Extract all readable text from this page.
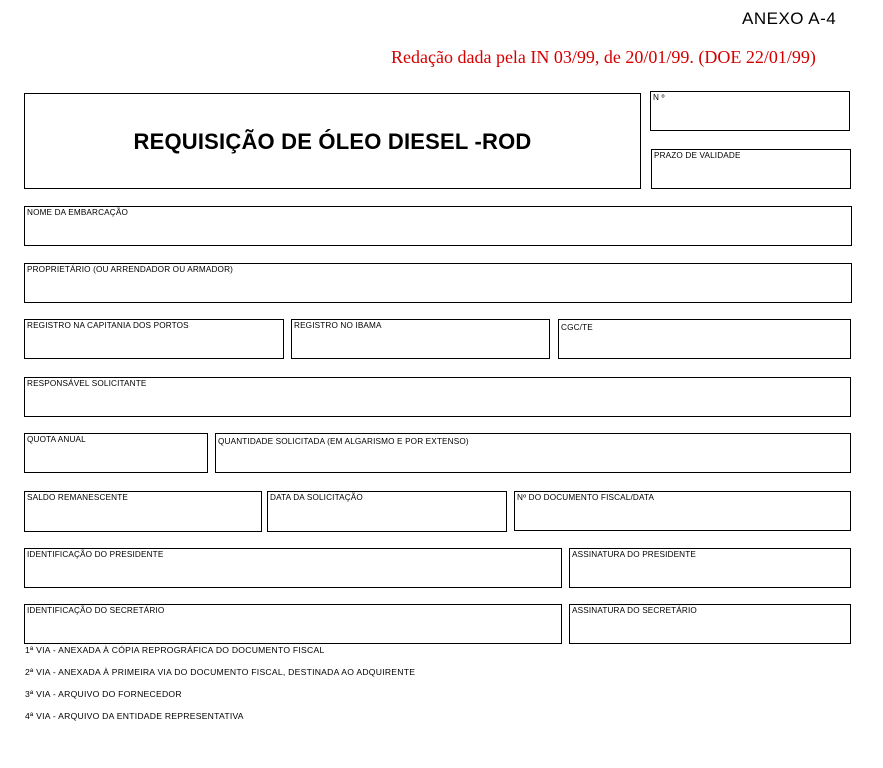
ANEXO A-4
Redação dada pela IN 03/99, de 20/01/99. (DOE 22/01/99)
REQUISIÇÃO DE ÓLEO DIESEL -ROD
N º
PRAZO DE VALIDADE
NOME DA EMBARCAÇÃO
PROPRIETÁRIO (OU ARRENDADOR OU ARMADOR)
REGISTRO NA CAPITANIA DOS PORTOS	REGISTRO NO IBAMA	CGC/TE
RESPONSÁVEL SOLICITANTE
QUOTA ANUAL	QUANTIDADE SOLICITADA (EM ALGARISMO E POR EXTENSO)
SALDO REMANESCENTE	DATA DA SOLICITAÇÃO	Nº DO DOCUMENTO FISCAL/DATA
IDENTIFICAÇÃO DO PRESIDENTE	ASSINATURA DO PRESIDENTE
IDENTIFICAÇÃO DO SECRETÁRIO	ASSINATURA DO SECRETÁRIO
1ª VIA - ANEXADA À CÓPIA REPROGRÁFICA DO DOCUMENTO FISCAL
2ª VIA - ANEXADA À PRIMEIRA VIA DO DOCUMENTO FISCAL, DESTINADA AO ADQUIRENTE
3ª VIA - ARQUIVO DO FORNECEDOR
4ª VIA - ARQUIVO DA ENTIDADE REPRESENTATIVA
